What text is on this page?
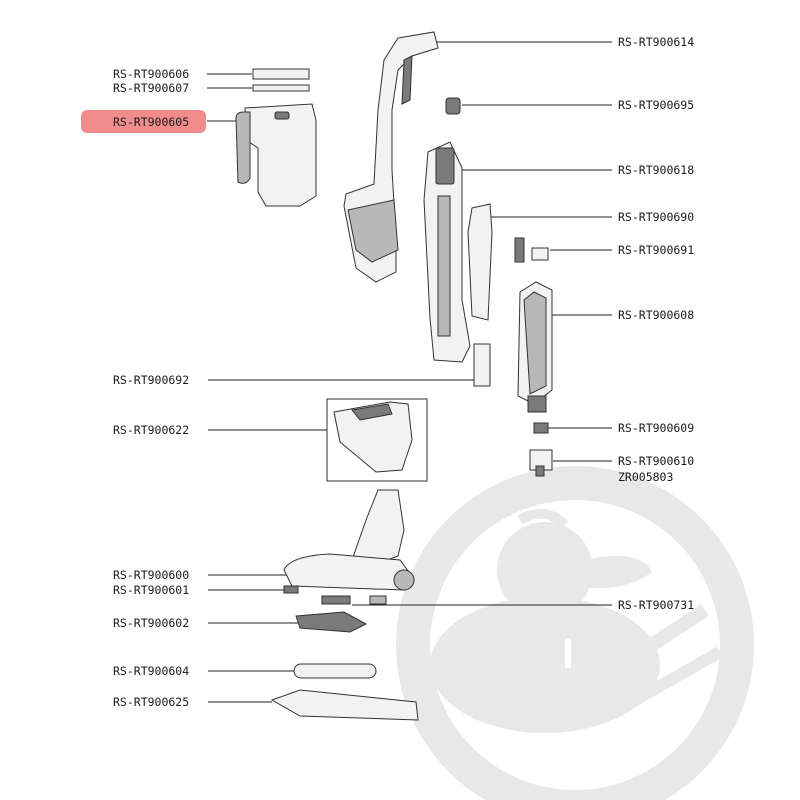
RS-RT900606
RS-RT900607
RS-RT900605
RS-RT900614
RS-RT900695
RS-RT900618
RS-RT900690
RS-RT900691
RS-RT900608
RS-RT900692
RS-RT900622	RS-RT900609
RS-RT900610
ZR005803
RS-RT900600
RS-RT900601
RS-RT900731
RS-RT900602
RS-RT900604
RS-RT900625
